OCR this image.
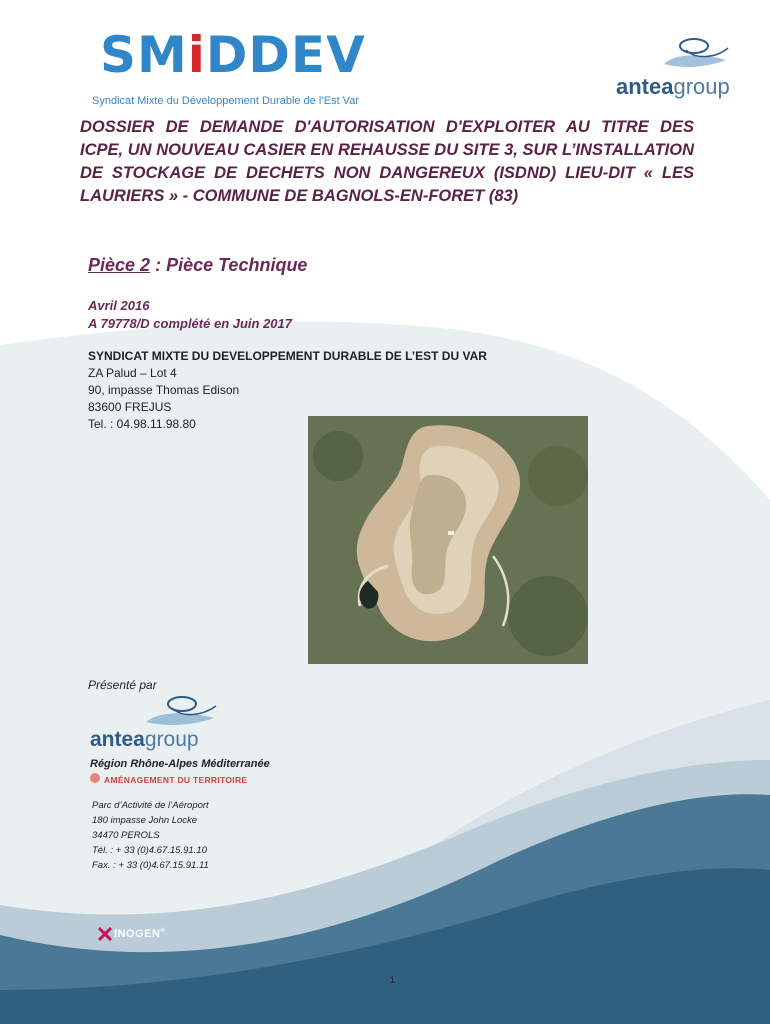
SMiDDEV
Syndicat Mixte du Développement Durable de l’Est Var
anteagroup
DOSSIER DE DEMANDE D'AUTORISATION D'EXPLOITER AU TITRE DES ICPE, UN NOUVEAU CASIER EN REHAUSSE DU SITE 3, SUR L’INSTALLATION DE STOCKAGE DE DECHETS NON DANGEREUX (ISDND) LIEU-DIT « LES LAURIERS » - COMMUNE DE BAGNOLS-EN-FORET (83)
Pièce 2 : Pièce Technique
Avril 2016
A 79778/D complété en Juin 2017
SYNDICAT MIXTE DU DEVELOPPEMENT DURABLE DE L’EST DU VAR
ZA Palud – Lot 4
90, impasse Thomas Edison
83600 FREJUS
Tel. : 04.98.11.98.80
Présenté par
anteagroup
Région Rhône-Alpes Méditerranée
AMÉNAGEMENT DU TERRITOIRE
Parc d’Activité de l’Aéroport
180 impasse John Locke
34470 PEROLS
Tél. : + 33 (0)4.67.15.91.10
Fax. : + 33 (0)4.67.15.91.11
INOGEN®
1
